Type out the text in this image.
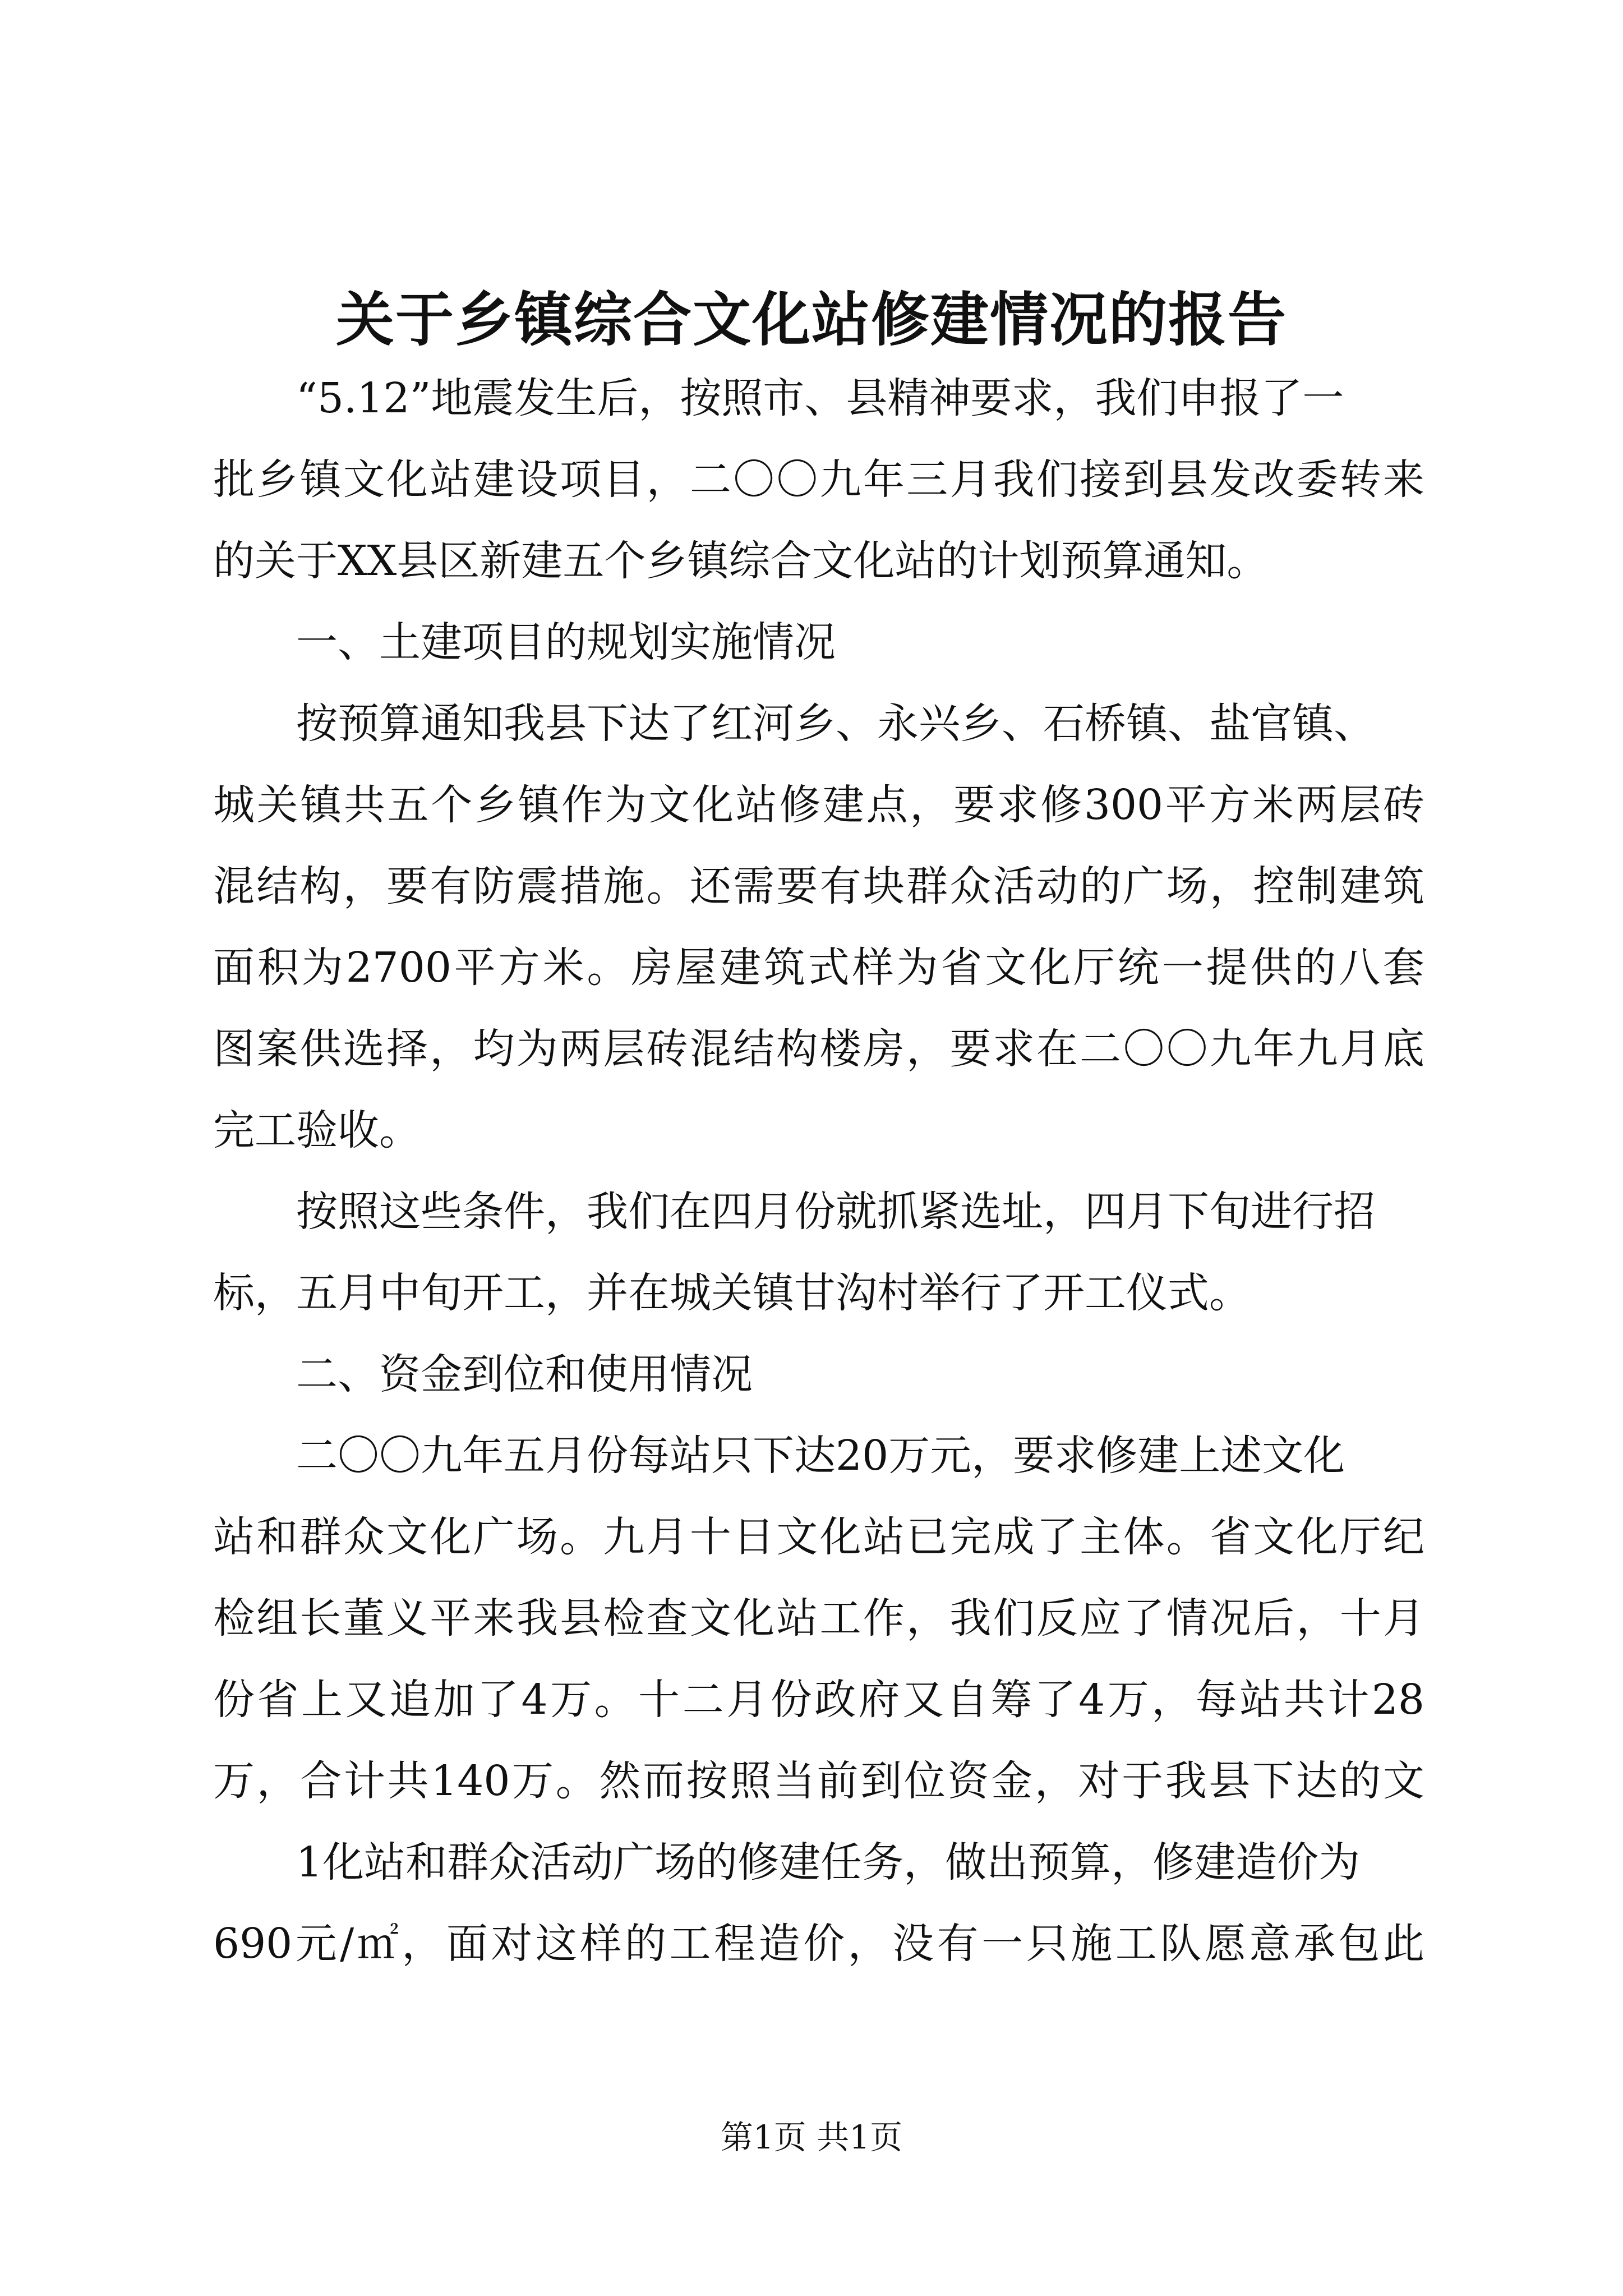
关于乡镇综合文化站修建情况的报告
　　“5.12”地震发生后，按照市、县精神要求，我们申报了一
批乡镇文化站建设项目，二〇〇九年三月我们接到县发改委转来
的关于XX县区新建五个乡镇综合文化站的计划预算通知。
　　一、土建项目的规划实施情况
　　按预算通知我县下达了红河乡、永兴乡、石桥镇、盐官镇、
城关镇共五个乡镇作为文化站修建点，要求修300平方米两层砖
混结构，要有防震措施。还需要有块群众活动的广场，控制建筑
面积为2700平方米。房屋建筑式样为省文化厅统一提供的八套
图案供选择，均为两层砖混结构楼房，要求在二〇〇九年九月底
完工验收。
　　按照这些条件，我们在四月份就抓紧选址，四月下旬进行招
标，五月中旬开工，并在城关镇甘沟村举行了开工仪式。
　　二、资金到位和使用情况
　　二〇〇九年五月份每站只下达20万元，要求修建上述文化
站和群众文化广场。九月十日文化站已完成了主体。省文化厅纪
检组长董义平来我县检查文化站工作，我们反应了情况后，十月
份省上又追加了4万。十二月份政府又自筹了4万，每站共计28
万，合计共140万。然而按照当前到位资金，对于我县下达的文
　　1化站和群众活动广场的修建任务，做出预算，修建造价为
690元/㎡，面对这样的工程造价，没有一只施工队愿意承包此
第1页 共1页
